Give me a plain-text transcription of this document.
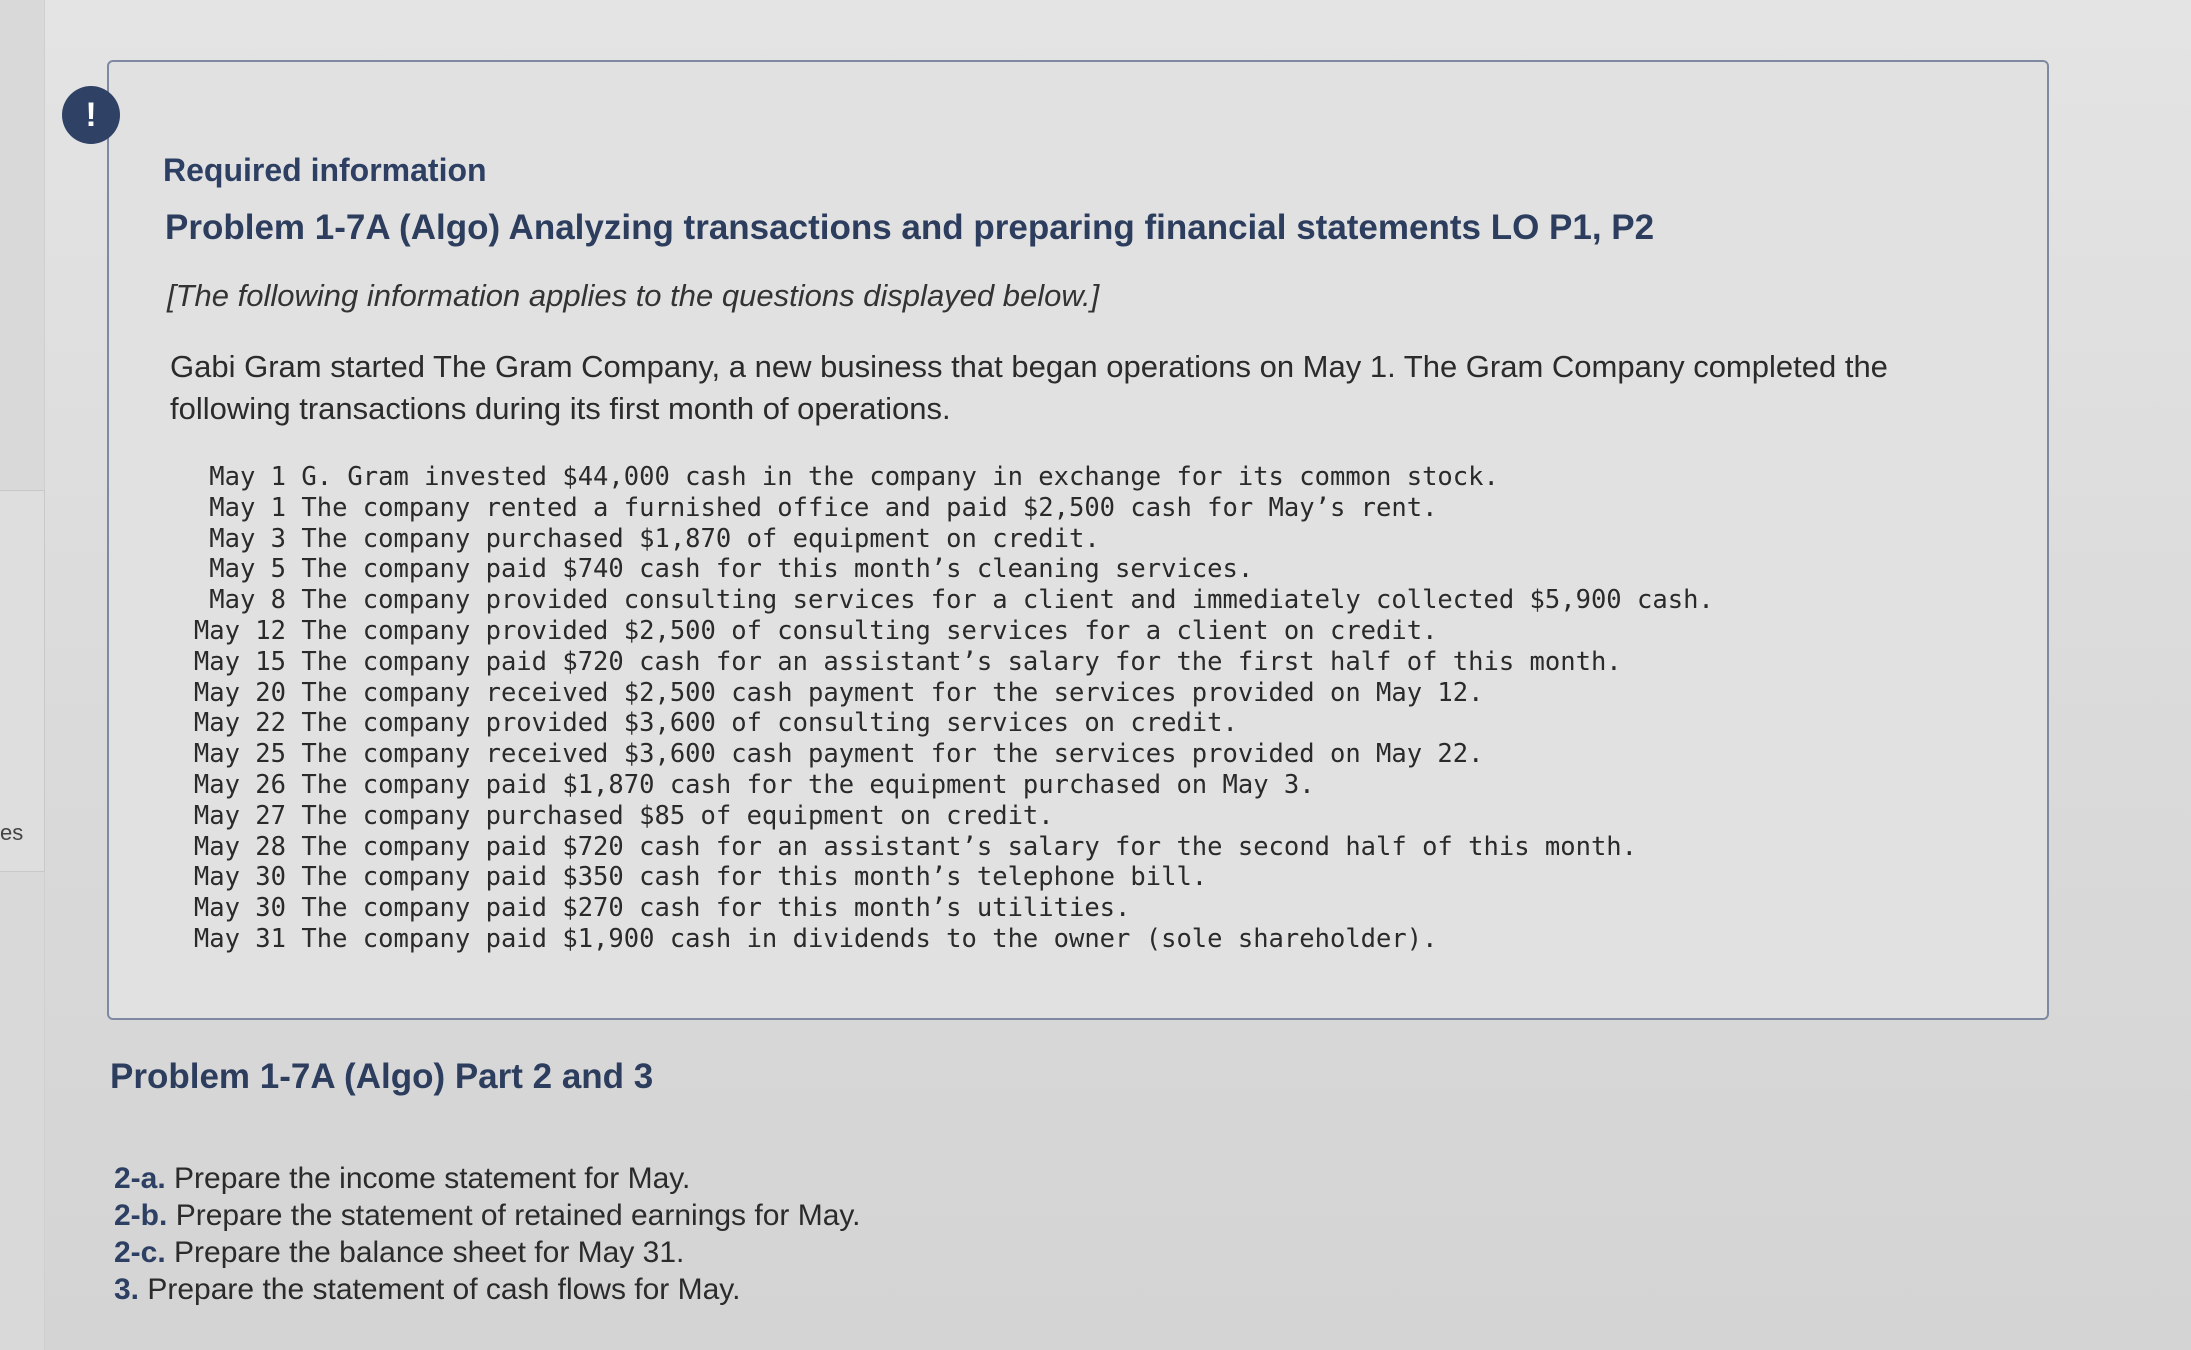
es
!
Required information
Problem 1-7A (Algo) Analyzing transactions and preparing financial statements LO P1, P2
[The following information applies to the questions displayed below.]
Gabi Gram started The Gram Company, a new business that began operations on May 1. The Gram Company completed the following transactions during its first month of operations.
May 1 G. Gram invested $44,000 cash in the company in exchange for its common stock.
May 1 The company rented a furnished office and paid $2,500 cash for May’s rent.
May 3 The company purchased $1,870 of equipment on credit.
May 5 The company paid $740 cash for this month’s cleaning services.
May 8 The company provided consulting services for a client and immediately collected $5,900 cash.
May 12 The company provided $2,500 of consulting services for a client on credit.
May 15 The company paid $720 cash for an assistant’s salary for the first half of this month.
May 20 The company received $2,500 cash payment for the services provided on May 12.
May 22 The company provided $3,600 of consulting services on credit.
May 25 The company received $3,600 cash payment for the services provided on May 22.
May 26 The company paid $1,870 cash for the equipment purchased on May 3.
May 27 The company purchased $85 of equipment on credit.
May 28 The company paid $720 cash for an assistant’s salary for the second half of this month.
May 30 The company paid $350 cash for this month’s telephone bill.
May 30 The company paid $270 cash for this month’s utilities.
May 31 The company paid $1,900 cash in dividends to the owner (sole shareholder).
Problem 1-7A (Algo) Part 2 and 3
2-a. Prepare the income statement for May.
2-b. Prepare the statement of retained earnings for May.
2-c. Prepare the balance sheet for May 31.
3. Prepare the statement of cash flows for May.
